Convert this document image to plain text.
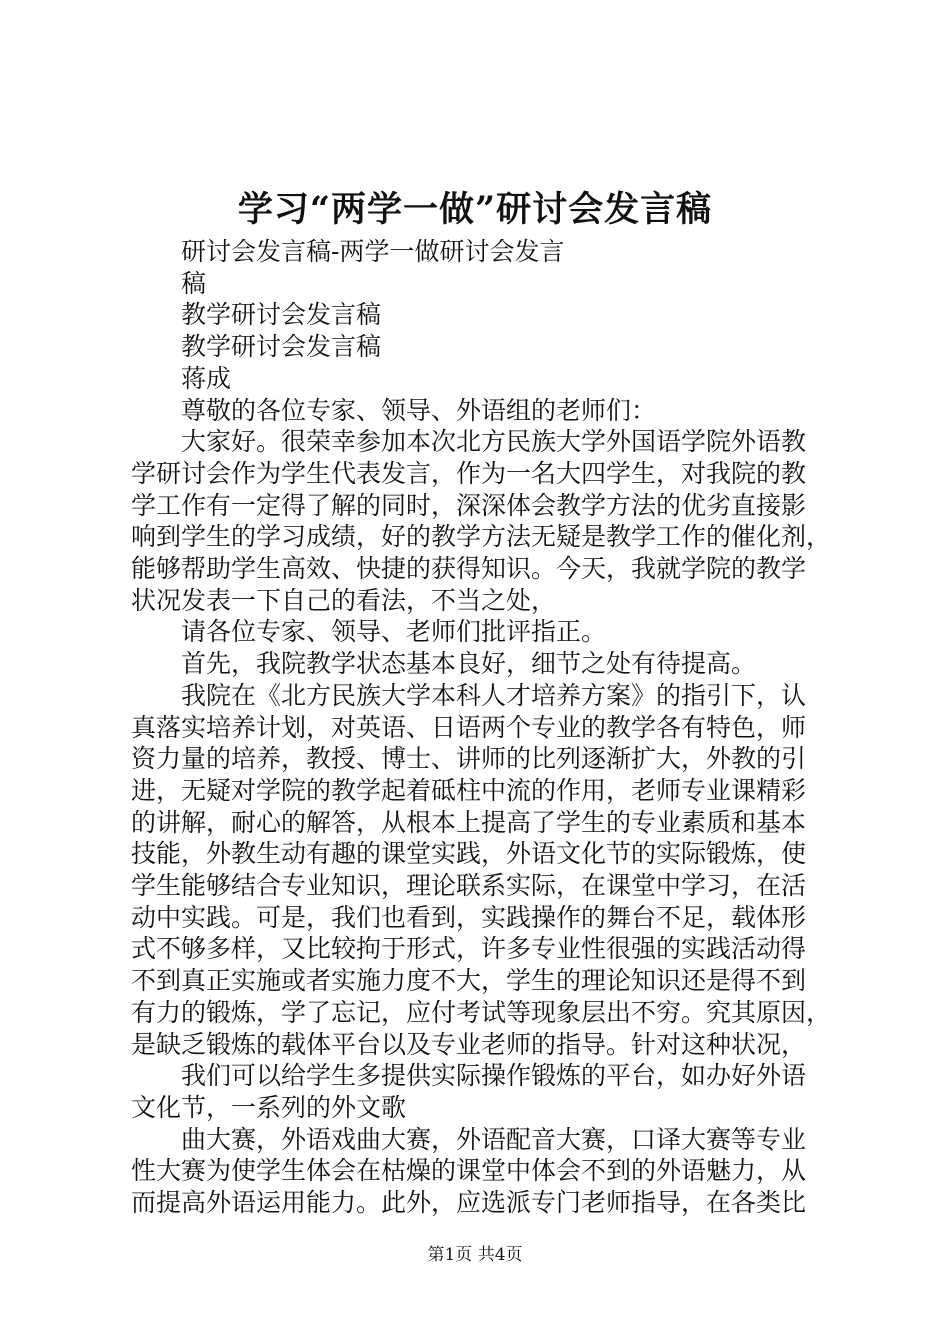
学习“两学一做”研讨会发言稿
研讨会发言稿-两学一做研讨会发言
稿
教学研讨会发言稿
教学研讨会发言稿
蒋成
尊敬的各位专家、领导、外语组的老师们：
大家好。很荣幸参加本次北方民族大学外国语学院外语教
学研讨会作为学生代表发言，作为一名大四学生，对我院的教
学工作有一定得了解的同时，深深体会教学方法的优劣直接影
响到学生的学习成绩，好的教学方法无疑是教学工作的催化剂，
能够帮助学生高效、快捷的获得知识。今天，我就学院的教学
状况发表一下自己的看法，不当之处，
请各位专家、领导、老师们批评指正。
首先，我院教学状态基本良好，细节之处有待提高。
我院在《北方民族大学本科人才培养方案》的指引下，认
真落实培养计划，对英语、日语两个专业的教学各有特色，师
资力量的培养，教授、博士、讲师的比列逐渐扩大，外教的引
进，无疑对学院的教学起着砥柱中流的作用，老师专业课精彩
的讲解，耐心的解答，从根本上提高了学生的专业素质和基本
技能，外教生动有趣的课堂实践，外语文化节的实际锻炼，使
学生能够结合专业知识，理论联系实际，在课堂中学习，在活
动中实践。可是，我们也看到，实践操作的舞台不足，载体形
式不够多样，又比较拘于形式，许多专业性很强的实践活动得
不到真正实施或者实施力度不大，学生的理论知识还是得不到
有力的锻炼，学了忘记，应付考试等现象层出不穷。究其原因，
是缺乏锻炼的载体平台以及专业老师的指导。针对这种状况，
我们可以给学生多提供实际操作锻炼的平台，如办好外语
文化节，一系列的外文歌
曲大赛，外语戏曲大赛，外语配音大赛，口译大赛等专业
性大赛为使学生体会在枯燥的课堂中体会不到的外语魅力，从
而提高外语运用能力。此外，应选派专门老师指导，在各类比
第1页 共4页
